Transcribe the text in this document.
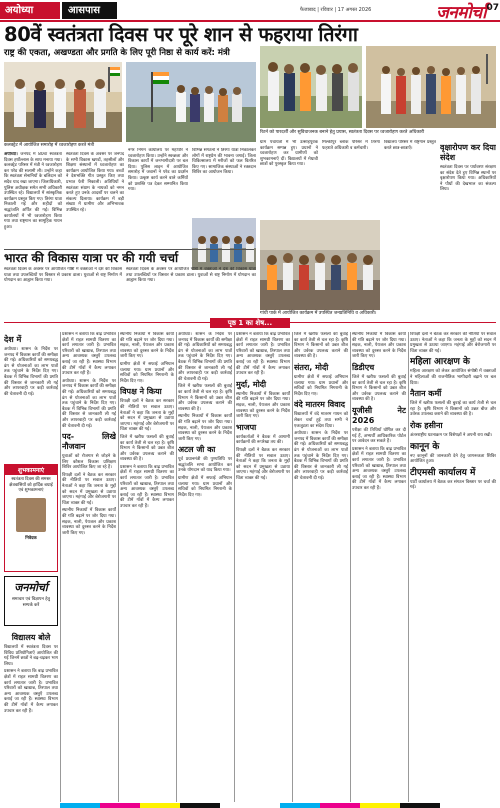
अयोध्या	आसपास	फैजाबाद | रविवार | 17 अगस्त 2026	जनमोर्चा 07
80वें स्वतंत्रता दिवस पर पूरे शान से फहराया तिरंगा
राष्ट्र की एकता, अखण्डता और प्रगति के लिए पूरी निष्ठा से कार्य करें: मंत्री
कलक्ट्रेट में आयोजित समारोह में ध्वजारोहण करते मंत्री
रिटर्न को पारदर्शी और सुविधाजनक बनाने हेतु प्रयास, स्वतंत्रता दिवस पर ध्वजारोहण करते अधिकारी

अयोध्या। जनपद में 80वां स्वतंत्रता दिवस हर्षोल्लास के साथ मनाया गया। कलक्ट्रेट परिसर में मंत्री ने ध्वजारोहण कर परेड की सलामी ली। उन्होंने कहा कि स्वतंत्रता सेनानियों के बलिदान को सदैव याद रखा जाएगा। जिलाधिकारी, पुलिस अधीक्षक समेत सभी अधिकारी उपस्थित रहे। विद्यालयों में सांस्कृतिक कार्यक्रम प्रस्तुत किए गए। तिरंगा यात्रा निकाली गई और शहीदों को श्रद्धांजलि अर्पित की गई। विभिन्न कार्यालयों में भी ध्वजारोहण किया गया तथा राष्ट्रगान का सामूहिक गायन हुआ।

स्वतंत्रता दिवस के अवसर पर जनपद के सभी विकास खण्डों, तहसीलों और शिक्षण संस्थानों में ध्वजारोहण का कार्यक्रम आयोजित किया गया। बच्चों ने देशभक्ति गीत प्रस्तुत किए तथा प्रभात फेरी निकाली। अतिथियों ने स्वतंत्रता संग्राम के नायकों को नमन करते हुए उनके आदर्शों पर चलने का संकल्प दिलाया। कार्यक्रम में बड़ी संख्या में ग्रामीण और अभिभावक उपस्थित रहे।

नगर निगम कार्यालय पर महापौर ने ध्वजारोहण किया। उन्होंने स्वच्छता और विकास कार्यों में जनभागीदारी पर बल दिया। पुलिस लाइन में आयोजित समारोह में जवानों ने परेड का प्रदर्शन किया। उत्कृष्ट कार्य करने वाले कर्मियों को प्रशस्ति पत्र देकर सम्मानित किया गया।

विभिन्न संगठनों ने तिरंगा यात्रा निकालकर लोगों में राष्ट्रप्रेम की भावना जगाई। जिला चिकित्सालय में मरीजों को फल वितरित किए गए। सामाजिक संस्थाओं ने रक्तदान शिविर का आयोजन किया।

ग्राम पंचायतों में भी उत्साहपूर्वक कार्यक्रम सम्पन्न हुए। प्रधानों ने ध्वजारोहण कर ग्रामीणों को शुभकामनाएँ दीं। विद्यालयों में मेधावी छात्रों को पुरस्कृत किया गया।

मिल्कीपुर ब्लॉक परिसर में तिरंगा फहराते अधिकारी व कर्मचारी।

विद्यालय परिसर में राष्ट्रगान प्रस्तुत करते छात्र-छात्राएँ।	वृक्षारोपण कर दिया संदेश

स्वतंत्रता दिवस पर पर्यावरण संरक्षण का संदेश देते हुए विभिन्न स्थानों पर वृक्षारोपण किया गया। अधिकारियों ने पौधों की देखभाल का संकल्प लिया।

गांधी पार्क में आयोजित कार्यक्रम में उपस्थित जनप्रतिनिधि व अधिकारी।
भारत की विकास यात्रा पर की गयी चर्चा

स्वतंत्रता दिवस के अवसर पर आयोजित गोष्ठी में वक्ताओं ने देश की विकास यात्रा तथा उपलब्धियों पर विस्तार से प्रकाश डाला। युवाओं से राष्ट्र निर्माण में योगदान का आह्वान किया गया।

स्वतंत्रता दिवस के अवसर पर आयोजित गोष्ठी में वक्ताओं ने देश की विकास यात्रा तथा उपलब्धियों पर विस्तार से प्रकाश डाला। युवाओं से राष्ट्र निर्माण में योगदान का आह्वान किया गया।

पृष्ठ 1 का शेष...
देश में

अयोध्या। शासन के निर्देश पर जनपद में विकास कार्यों की समीक्षा की गई। अधिकारियों को समयबद्ध ढंग से योजनाओं का लाभ पात्रों तक पहुंचाने के निर्देश दिए गए। बैठक में विभिन्न विभागों की प्रगति की विस्तार से जानकारी ली गई और लापरवाही पर कड़ी कार्रवाई की चेतावनी दी गई।

शुभकामनाएं
स्वतंत्रता दिवस की समस्त क्षेत्रवासियों को हार्दिक बधाई एवं शुभकामनाएं
निवेदक
जनमोर्चा
समाचार एवं विज्ञापन हेतु सम्पर्क करें
विद्यालय बोले

विद्यालयों में स्वतंत्रता दिवस पर विविध प्रतियोगिताएँ आयोजित की गईं जिनमें छात्रों ने बढ़-चढ़कर भाग लिया।

प्रशासन ने बताया कि बाढ़ प्रभावित क्षेत्रों में राहत सामग्री वितरण का कार्य लगातार जारी है। प्रभावित परिवारों को खाद्यान्न, तिरपाल तथा अन्य आवश्यक वस्तुएँ उपलब्ध कराई जा रही हैं। स्वास्थ्य विभाग की टीमें गाँवों में कैम्प लगाकर उपचार कर रही हैं।

प्रशासन ने बताया कि बाढ़ प्रभावित क्षेत्रों में राहत सामग्री वितरण का कार्य लगातार जारी है। प्रभावित परिवारों को खाद्यान्न, तिरपाल तथा अन्य आवश्यक वस्तुएँ उपलब्ध कराई जा रही हैं। स्वास्थ्य विभाग की टीमें गाँवों में कैम्प लगाकर उपचार कर रही हैं।

अयोध्या। शासन के निर्देश पर जनपद में विकास कार्यों की समीक्षा की गई। अधिकारियों को समयबद्ध ढंग से योजनाओं का लाभ पात्रों तक पहुंचाने के निर्देश दिए गए। बैठक में विभिन्न विभागों की प्रगति की विस्तार से जानकारी ली गई और लापरवाही पर कड़ी कार्रवाई की चेतावनी दी गई।

पद- लिखे नौजवान

युवाओं को रोजगार से जोड़ने के लिए कौशल विकास प्रशिक्षण शिविर आयोजित किए जा रहे हैं।

विपक्षी दलों ने बैठक कर सरकार की नीतियों पर सवाल उठाए। नेताओं ने कहा कि जनता के मुद्दों को सदन में प्रमुखता से उठाया जाएगा। महंगाई और बेरोजगारी पर चिंता व्यक्त की गई।

स्थानीय निकायों में विकास कार्यों की गति बढ़ाने पर जोर दिया गया। सड़क, नाली, पेयजल और प्रकाश व्यवस्था को दुरुस्त करने के निर्देश जारी किए गए।

स्थानीय निकायों में विकास कार्यों की गति बढ़ाने पर जोर दिया गया। सड़क, नाली, पेयजल और प्रकाश व्यवस्था को दुरुस्त करने के निर्देश जारी किए गए।

ग्रामीण क्षेत्रों में सफाई अभियान चलाया गया। ग्राम प्रधानों और सचिवों को नियमित निगरानी के निर्देश दिए गए।

विपक्ष ने किया

विपक्षी दलों ने बैठक कर सरकार की नीतियों पर सवाल उठाए। नेताओं ने कहा कि जनता के मुद्दों को सदन में प्रमुखता से उठाया जाएगा। महंगाई और बेरोजगारी पर चिंता व्यक्त की गई।

जिले में खरीफ फसलों की बुवाई का कार्य तेजी से चल रहा है। कृषि विभाग ने किसानों को उन्नत बीज और उर्वरक उपलब्ध कराने की व्यवस्था की है।

प्रशासन ने बताया कि बाढ़ प्रभावित क्षेत्रों में राहत सामग्री वितरण का कार्य लगातार जारी है। प्रभावित परिवारों को खाद्यान्न, तिरपाल तथा अन्य आवश्यक वस्तुएँ उपलब्ध कराई जा रही हैं। स्वास्थ्य विभाग की टीमें गाँवों में कैम्प लगाकर उपचार कर रही हैं।

अयोध्या। शासन के निर्देश पर जनपद में विकास कार्यों की समीक्षा की गई। अधिकारियों को समयबद्ध ढंग से योजनाओं का लाभ पात्रों तक पहुंचाने के निर्देश दिए गए। बैठक में विभिन्न विभागों की प्रगति की विस्तार से जानकारी ली गई और लापरवाही पर कड़ी कार्रवाई की चेतावनी दी गई।

जिले में खरीफ फसलों की बुवाई का कार्य तेजी से चल रहा है। कृषि विभाग ने किसानों को उन्नत बीज और उर्वरक उपलब्ध कराने की व्यवस्था की है।

स्थानीय निकायों में विकास कार्यों की गति बढ़ाने पर जोर दिया गया। सड़क, नाली, पेयजल और प्रकाश व्यवस्था को दुरुस्त करने के निर्देश जारी किए गए।

अटल जी का

पूर्व प्रधानमंत्री की पुण्यतिथि पर श्रद्धांजलि सभा आयोजित कर उनके योगदान को याद किया गया।

ग्रामीण क्षेत्रों में सफाई अभियान चलाया गया। ग्राम प्रधानों और सचिवों को नियमित निगरानी के निर्देश दिए गए।

प्रशासन ने बताया कि बाढ़ प्रभावित क्षेत्रों में राहत सामग्री वितरण का कार्य लगातार जारी है। प्रभावित परिवारों को खाद्यान्न, तिरपाल तथा अन्य आवश्यक वस्तुएँ उपलब्ध कराई जा रही हैं। स्वास्थ्य विभाग की टीमें गाँवों में कैम्प लगाकर उपचार कर रही हैं।

मुर्दा, मोदी

स्थानीय निकायों में विकास कार्यों की गति बढ़ाने पर जोर दिया गया। सड़क, नाली, पेयजल और प्रकाश व्यवस्था को दुरुस्त करने के निर्देश जारी किए गए।

भाजपा

कार्यकर्ताओं ने बैठक में आगामी कार्यक्रमों की रूपरेखा तय की।

विपक्षी दलों ने बैठक कर सरकार की नीतियों पर सवाल उठाए। नेताओं ने कहा कि जनता के मुद्दों को सदन में प्रमुखता से उठाया जाएगा। महंगाई और बेरोजगारी पर चिंता व्यक्त की गई।

जिले में खरीफ फसलों की बुवाई का कार्य तेजी से चल रहा है। कृषि विभाग ने किसानों को उन्नत बीज और उर्वरक उपलब्ध कराने की व्यवस्था की है।

संतरा, मोदी

ग्रामीण क्षेत्रों में सफाई अभियान चलाया गया। ग्राम प्रधानों और सचिवों को नियमित निगरानी के निर्देश दिए गए।

वंदे मातरम विवाद

विद्यालयों में वंदे मातरम गायन को लेकर चर्चा हुई तथा सभी ने एकजुटता का संदेश दिया।

अयोध्या। शासन के निर्देश पर जनपद में विकास कार्यों की समीक्षा की गई। अधिकारियों को समयबद्ध ढंग से योजनाओं का लाभ पात्रों तक पहुंचाने के निर्देश दिए गए। बैठक में विभिन्न विभागों की प्रगति की विस्तार से जानकारी ली गई और लापरवाही पर कड़ी कार्रवाई की चेतावनी दी गई।

स्थानीय निकायों में विकास कार्यों की गति बढ़ाने पर जोर दिया गया। सड़क, नाली, पेयजल और प्रकाश व्यवस्था को दुरुस्त करने के निर्देश जारी किए गए।

डिडीएच

जिले में खरीफ फसलों की बुवाई का कार्य तेजी से चल रहा है। कृषि विभाग ने किसानों को उन्नत बीज और उर्वरक उपलब्ध कराने की व्यवस्था की है।

यूजीसी नेट 2026

परीक्षा की तिथियाँ घोषित कर दी गई हैं, अभ्यर्थी आधिकारिक पोर्टल पर आवेदन कर सकते हैं।

प्रशासन ने बताया कि बाढ़ प्रभावित क्षेत्रों में राहत सामग्री वितरण का कार्य लगातार जारी है। प्रभावित परिवारों को खाद्यान्न, तिरपाल तथा अन्य आवश्यक वस्तुएँ उपलब्ध कराई जा रही हैं। स्वास्थ्य विभाग की टीमें गाँवों में कैम्प लगाकर उपचार कर रही हैं।

विपक्षी दलों ने बैठक कर सरकार की नीतियों पर सवाल उठाए। नेताओं ने कहा कि जनता के मुद्दों को सदन में प्रमुखता से उठाया जाएगा। महंगाई और बेरोजगारी पर चिंता व्यक्त की गई।

महिला आरक्षण के

महिला आरक्षण को लेकर आयोजित संगोष्ठी में वक्ताओं ने महिलाओं की राजनीतिक भागीदारी बढ़ाने पर बल दिया।

नैतान कर्मी

जिले में खरीफ फसलों की बुवाई का कार्य तेजी से चल रहा है। कृषि विभाग ने किसानों को उन्नत बीज और उर्वरक उपलब्ध कराने की व्यवस्था की है।

रोक हसीना

अंतरराष्ट्रीय घटनाक्रम पर विशेषज्ञों ने अपनी राय रखी।

कानून के

नए कानूनों की जानकारी देने हेतु जागरूकता शिविर आयोजित हुआ।

टीएमसी कार्यालय में

पार्टी कार्यालय में बैठक कर संगठन विस्तार पर चर्चा की गई।
